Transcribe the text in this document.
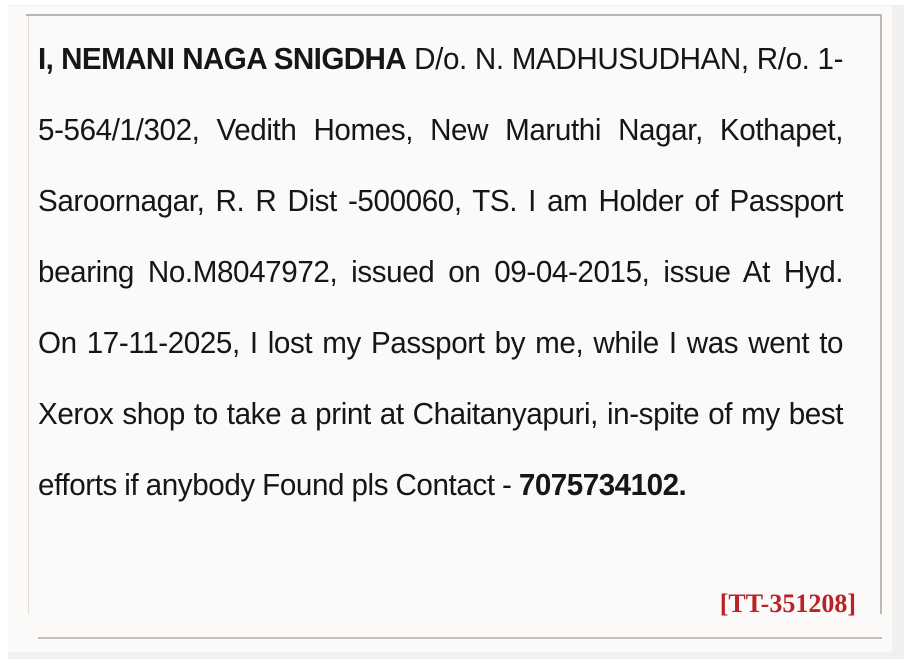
I, NEMANI NAGA SNIGDHA D/o. N. MADHUSUDHAN, R/o. 1-5-564/1/302, Vedith Homes, New Maruthi Nagar, Kothapet, Saroornagar, R. R Dist -500060, TS. I am Holder of Passport bearing No.M8047972, issued on 09-04-2015, issue At Hyd. On 17-11-2025, I lost my Passport by me, while I was went to Xerox shop to take a print at Chaitanyapuri, in-spite of my best efforts if anybody Found pls Contact - 7075734102.
[TT-351208]
